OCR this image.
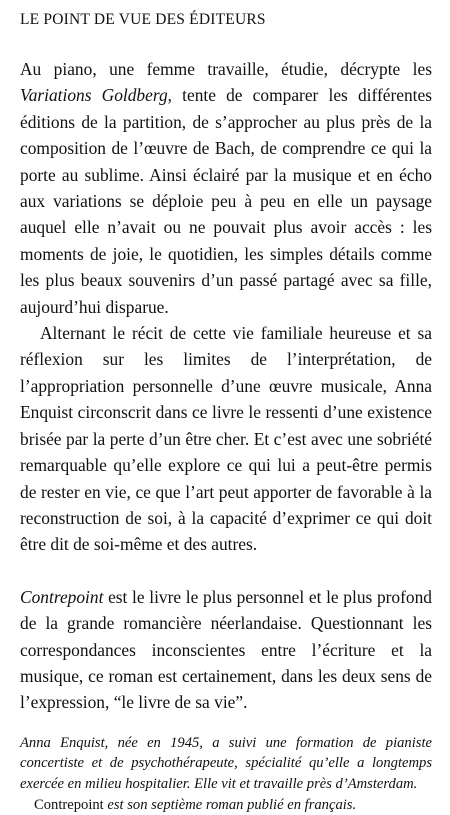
LE POINT DE VUE DES ÉDITEURS

Au piano, une femme travaille, étudie, décrypte les Variations Goldberg, tente de comparer les différentes éditions de la partition, de s’approcher au plus près de la composition de l’œuvre de Bach, de comprendre ce qui la porte au sublime. Ainsi éclairé par la musique et en écho aux variations se déploie peu à peu en elle un paysage auquel elle n’avait ou ne pouvait plus avoir accès : les moments de joie, le quotidien, les simples détails comme les plus beaux souvenirs d’un passé partagé avec sa fille, aujourd’hui disparue.

Alternant le récit de cette vie familiale heureuse et sa réflexion sur les limites de l’interprétation, de l’appropriation personnelle d’une œuvre musicale, Anna Enquist circonscrit dans ce livre le ressenti d’une existence brisée par la perte d’un être cher. Et c’est avec une sobriété remarquable qu’elle explore ce qui lui a peut-être permis de rester en vie, ce que l’art peut apporter de favorable à la reconstruction de soi, à la capacité d’exprimer ce qui doit être dit de soi-même et des autres.

Contrepoint est le livre le plus personnel et le plus profond de la grande romancière néerlandaise. Questionnant les correspondances inconscientes entre l’écriture et la musique, ce roman est certainement, dans les deux sens de l’expression, “le livre de sa vie”.

Anna Enquist, née en 1945, a suivi une formation de pianiste concertiste et de psychothérapeute, spécialité qu’elle a longtemps exercée en milieu hospitalier. Elle vit et travaille près d’Amsterdam.

Contrepoint est son septième roman publié en français.
